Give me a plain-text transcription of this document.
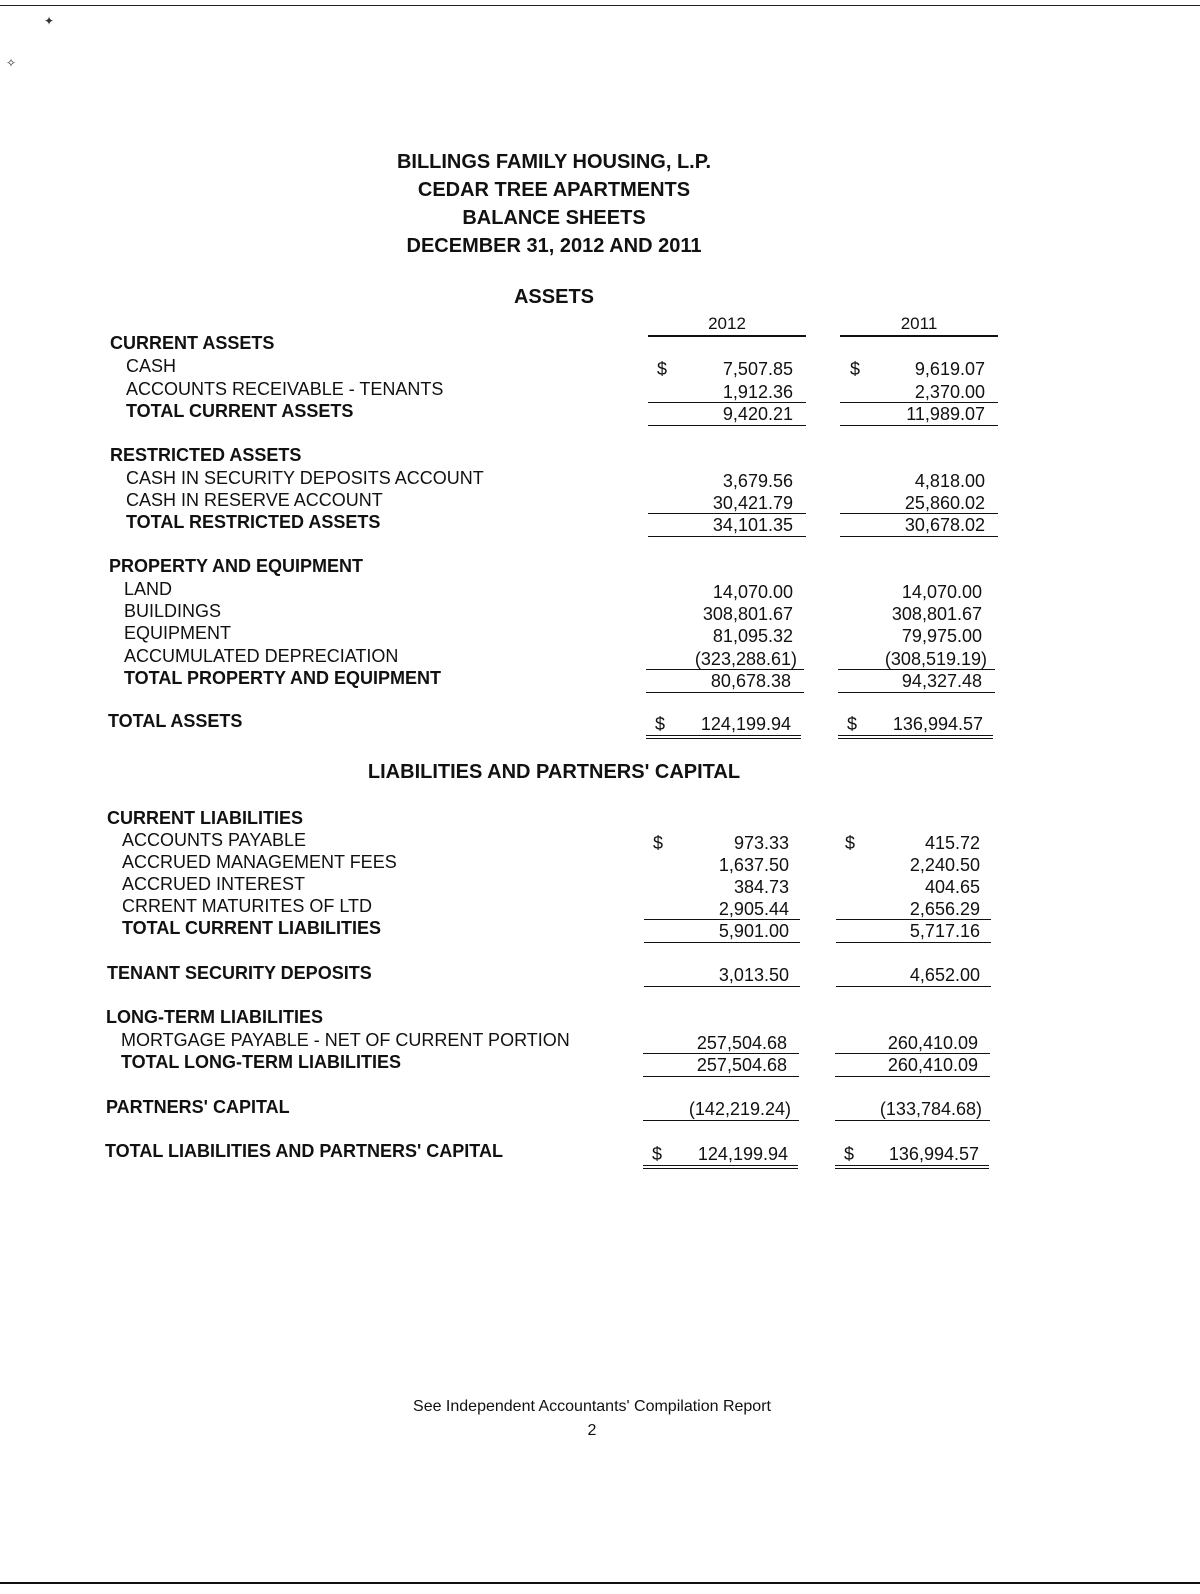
✦
✧
BILLINGS FAMILY HOUSING, L.P.
CEDAR TREE APARTMENTS
BALANCE SHEETS
DECEMBER 31, 2012 AND 2011
ASSETS
2012	2011
CURRENT ASSETS
CASH	$	7,507.85	$	9,619.07
ACCOUNTS RECEIVABLE - TENANTS	1,912.36	2,370.00
TOTAL CURRENT ASSETS	9,420.21	11,989.07
RESTRICTED ASSETS
CASH IN SECURITY DEPOSITS ACCOUNT	3,679.56	4,818.00
CASH IN RESERVE ACCOUNT	30,421.79	25,860.02
TOTAL RESTRICTED ASSETS	34,101.35	30,678.02
PROPERTY AND EQUIPMENT
LAND	14,070.00	14,070.00
BUILDINGS	308,801.67	308,801.67
EQUIPMENT	81,095.32	79,975.00
ACCUMULATED DEPRECIATION	(323,288.61)	(308,519.19)
TOTAL PROPERTY AND EQUIPMENT	80,678.38	94,327.48
TOTAL ASSETS	$	124,199.94	$	136,994.57
LIABILITIES AND PARTNERS' CAPITAL
CURRENT LIABILITIES
ACCOUNTS PAYABLE	$	973.33	$	415.72
ACCRUED MANAGEMENT FEES	1,637.50	2,240.50
ACCRUED INTEREST	384.73	404.65
CRRENT MATURITES OF LTD	2,905.44	2,656.29
TOTAL CURRENT LIABILITIES	5,901.00	5,717.16
TENANT SECURITY DEPOSITS	3,013.50	4,652.00
LONG-TERM LIABILITIES
MORTGAGE PAYABLE - NET OF CURRENT PORTION	257,504.68	260,410.09
TOTAL LONG-TERM LIABILITIES	257,504.68	260,410.09
PARTNERS' CAPITAL	(142,219.24)	(133,784.68)
TOTAL LIABILITIES AND PARTNERS' CAPITAL	$	124,199.94	$	136,994.57
See Independent Accountants' Compilation Report
2
